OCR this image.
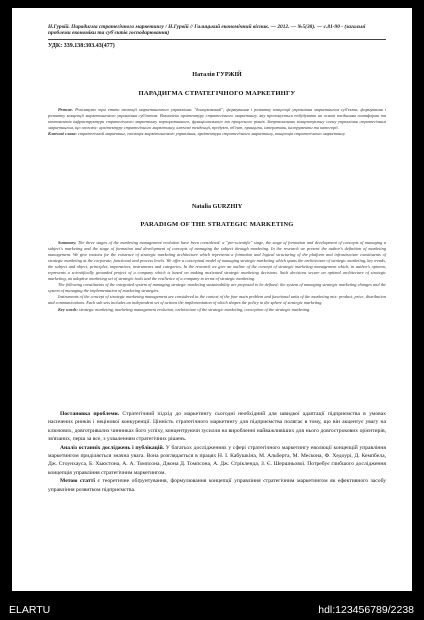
Н.Гурвій. Парадигма стратегічного маркетингу / Н.Гурвій // Галицький економічний вісник. — 2012. — №5(38). — с.81-90 - (загальні проблеми економіки та суб'єктів господарювання)
УДК: 339.138:303.43(477)
Наталія ГУРЖІЙ
ПАРАДИГМА СТРАТЕГІЧНОГО МАРКЕТИНГУ
Резюме. Розглянуто три етапи еволюції маркетингового управління: "донаукований"; формування і розвитку концепції управління маркетингом суб'єкта; формування і розвитку концепції маркетингового управління суб'єктом. Визначено архітектуру стратегічного маркетингу, яку пропонується побудувати на основі поєднання платформи та компонентів інфраструктури стратегічного маркетингу корпоративного, функціонального та процесного рівнів. Запропоновано концептуальну схему управління стратегічним маркетингом, що охоплює: архітектуру стратегічного маркетингу, ключові тенденції, продукт, об'єкт, принципи, імперативи, інструменти та категорії.
Ключові слова: стратегічний маркетинг, еволюція маркетингового управління, архітектура стратегічного маркетингу, концепція стратегічного маркетингу.
Natalia GURZHIY
PARADIGM OF THE STRATEGIC MARKETING
Summary. The three stages of the marketing management evolution have been considered: a "pre-scientific" stage, the stage of formation and development of concepts of managing a subject's marketing and the stage of formation and development of concepts of managing the subject through marketing. In the research we present the author's definition of marketing management. We give reasons for the existence of strategic marketing architecture which represents a formation and logical structuring of the platform and infrastructure constituents of strategic marketing at the corporate, functional and process levels. We offer a conceptual model of managing strategic marketing which spans the architecture of strategic marketing, key trends, the subject and object, principles, imperatives, instruments and categories. In the research we give an outline of the concept of strategic marketing management which, in author's opinion, represents a scientifically grounded project of a company which is based on making motivated strategic marketing decisions. Such decisions secure an optimal architecture of strategic marketing, an adaptive marketing set of strategic tools and the resilience of a company in terms of strategic marketing.
The following constituents of the integrated system of managing strategic marketing sustainability are proposed to be defined: the system of managing strategic marketing changes and the system of managing the implementation of marketing strategies.
Instruments of the concept of strategic marketing management are considered in the context of the four main problem and functional units of the marketing mix: product, price, distribution and communications. Each sub sets includes an independent set of actions the implementation of which shapes the policy in the sphere of strategic marketing.
Key words: strategic marketing, marketing management evolution, architecture of the strategic marketing, conception of the strategic marketing.
Постановка проблеми. Стратегічний підхід до маркетингу сьогодні необхідний для швидкої адаптації підприємства в умовах насичених ринків і нецінової конкуренції. Цінність стратегічного маркетингу для підприємства полягає в тому, що він акцентує увагу на ключових, довготривалих чинниках його успіху, концентруючи зусилля на виробленні найважливіших для нього довгострокових орієнтирів, зв'язаних, перш за все, з ухваленням стратегічних рішень.
Аналіз останніх досліджень і публікацій. У багатьох дослідженнях у сфері стратегічного маркетингу еволюції концепцій управління маркетингом приділяється значна увага. Вона розглядається в працях Н. І. Кабушкіна, М. Альберта, М. Мескона, Ф. Хедоурі, Д. Кемпбела, Дж. Стоунхауса, Б. Хьюстона, А. А. Томпсона, Джона Д. Томпсона, А. Дж. Стрікленда, З. Є. Шершньової. Потребує глибшого дослідження концепція управління стратегічним маркетингом.
Метою статті є теоретичне обґрунтування, формулювання концепції управління стратегічним маркетингом як ефективного засобу управління розвитком підприємства.
ELARTU	hdl:123456789/2238
